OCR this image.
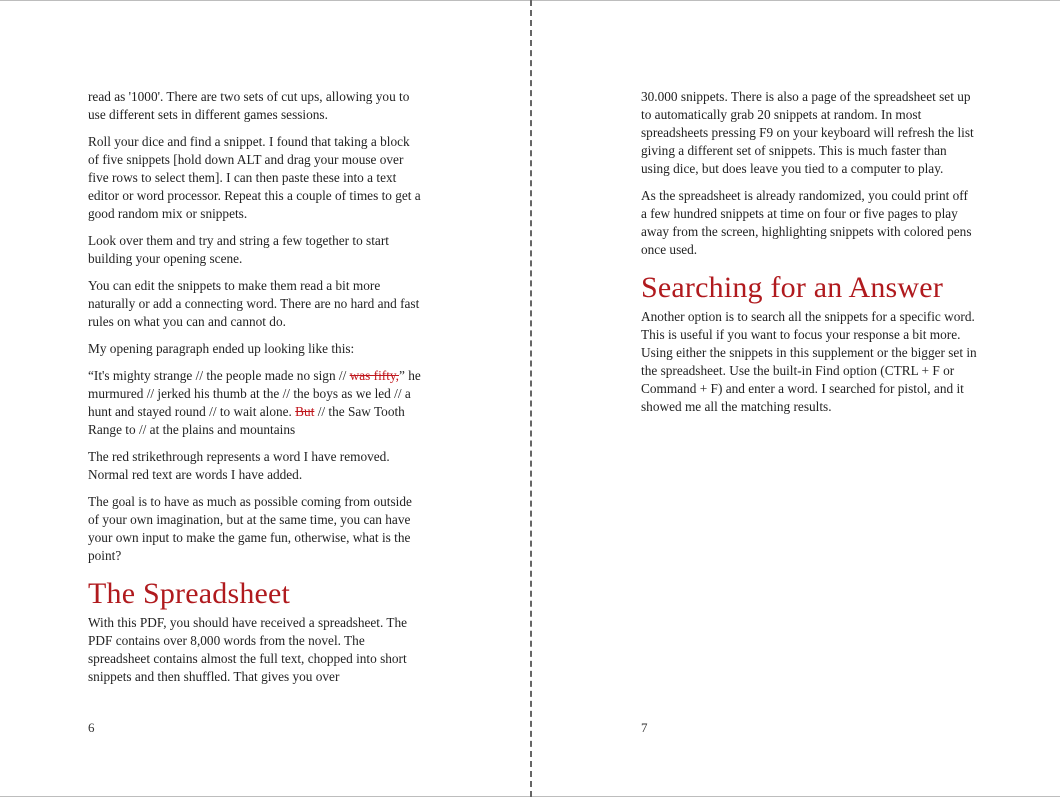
read as '1000'. There are two sets of cut ups, allowing you to use different sets in different games sessions.

Roll your dice and find a snippet. I found that taking a block of five snippets [hold down ALT and drag your mouse over five rows to select them]. I can then paste these into a text editor or word processor. Repeat this a couple of times to get a good random mix or snippets.

Look over them and try and string a few together to start building your opening scene.

You can edit the snippets to make them read a bit more naturally or add a connecting word. There are no hard and fast rules on what you can and cannot do.

My opening paragraph ended up looking like this:

“It's mighty strange // the people made no sign // was fifty,” he murmured // jerked his thumb at the // the boys as we led // a hunt and stayed round // to wait alone. But // the Saw Tooth Range to // at the plains and mountains

The red strikethrough represents a word I have removed. Normal red text are words I have added.

The goal is to have as much as possible coming from outside of your own imagination, but at the same time, you can have your own input to make the game fun, otherwise, what is the point?

The Spreadsheet

With this PDF, you should have received a spreadsheet. The PDF contains over 8,000 words from the novel. The spreadsheet contains almost the full text, chopped into short snippets and then shuffled. That gives you over

6

30.000 snippets. There is also a page of the spreadsheet set up to automatically grab 20 snippets at random. In most spreadsheets pressing F9 on your keyboard will refresh the list giving a different set of snippets. This is much faster than using dice, but does leave you tied to a computer to play.

As the spreadsheet is already randomized, you could print off a few hundred snippets at time on four or five pages to play away from the screen, highlighting snippets with colored pens once used.

Searching for an Answer

Another option is to search all the snippets for a specific word. This is useful if you want to focus your response a bit more. Using either the snippets in this supplement or the bigger set in the spreadsheet. Use the built-in Find option (CTRL + F or Command + F) and enter a word. I searched for pistol, and it showed me all the matching results.

7
